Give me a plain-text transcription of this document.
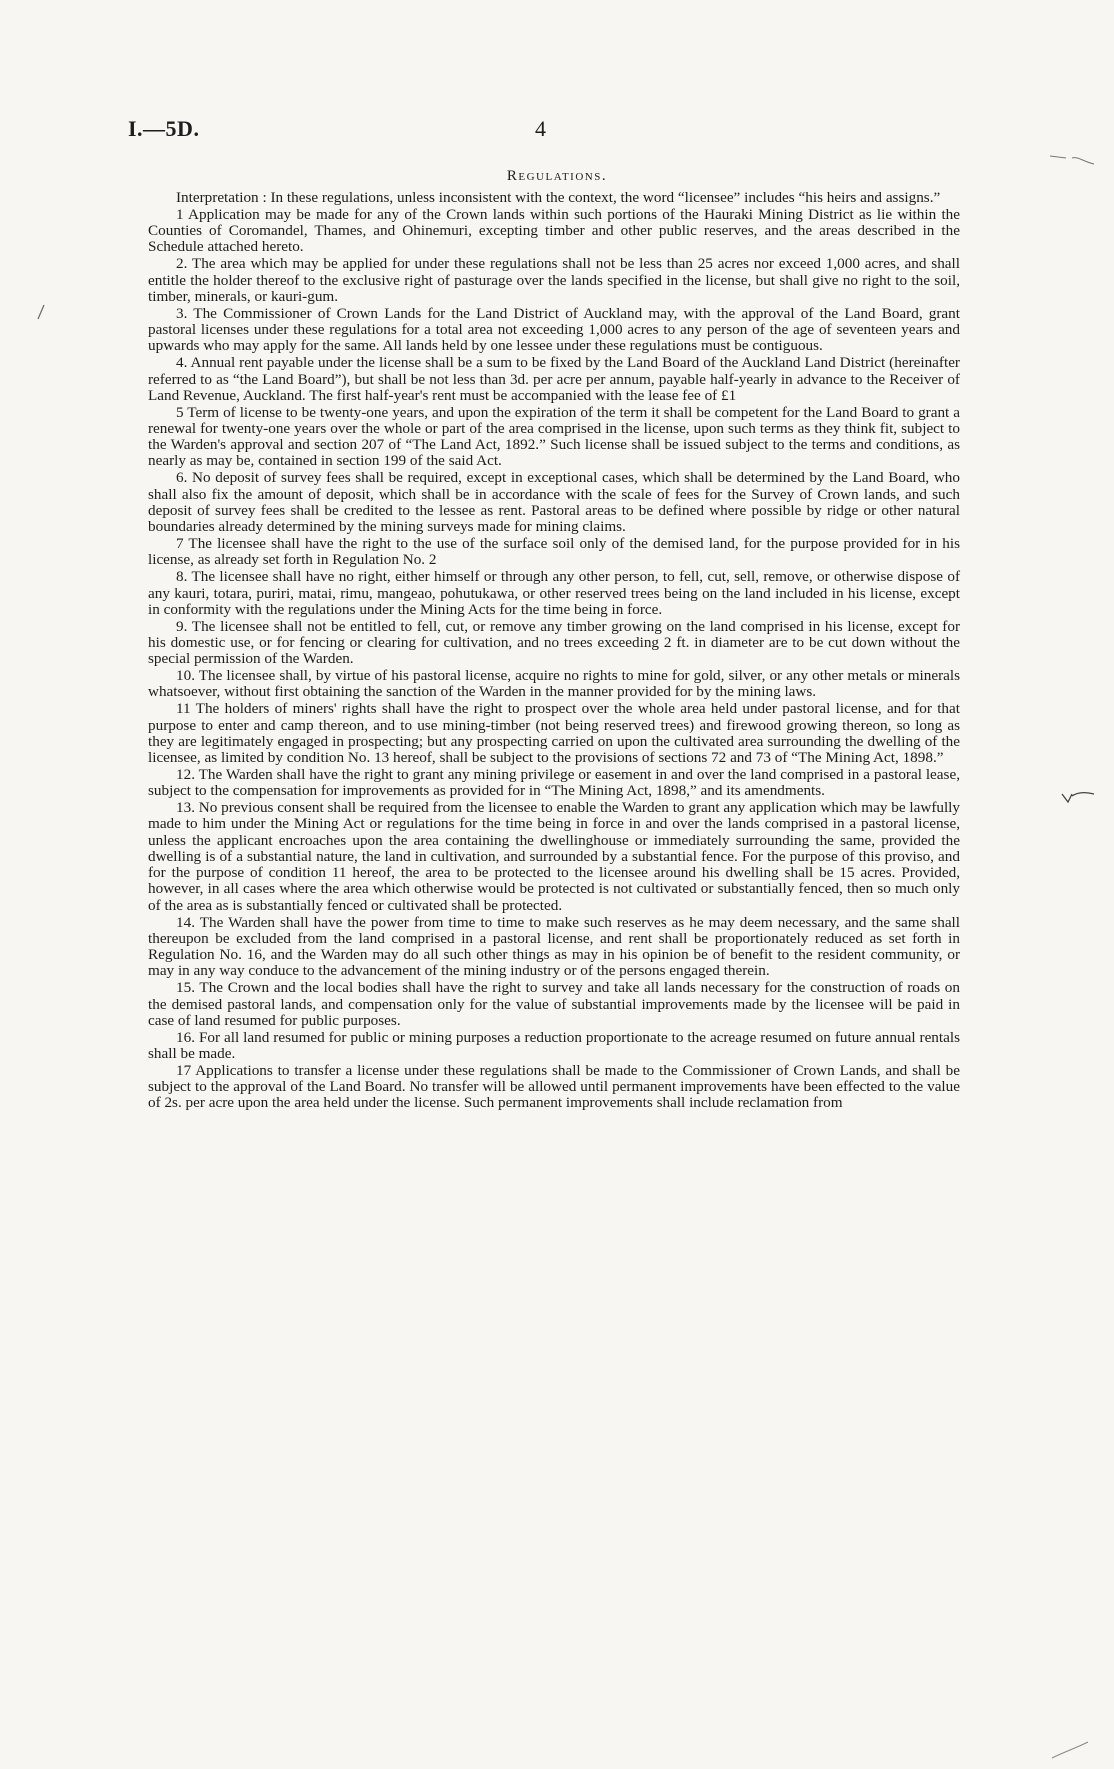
I.—5D.	4
Regulations.

Interpretation : In these regulations, unless inconsistent with the context, the word “licensee” includes “his heirs and assigns.”

1 Application may be made for any of the Crown lands within such portions of the Hauraki Mining District as lie within the Counties of Coromandel, Thames, and Ohinemuri, excepting timber and other public reserves, and the areas described in the Schedule attached hereto.

2. The area which may be applied for under these regulations shall not be less than 25 acres nor exceed 1,000 acres, and shall entitle the holder thereof to the exclusive right of pasturage over the lands specified in the license, but shall give no right to the soil, timber, minerals, or kauri-gum.

3. The Commissioner of Crown Lands for the Land District of Auckland may, with the approval of the Land Board, grant pastoral licenses under these regulations for a total area not exceeding 1,000 acres to any person of the age of seventeen years and upwards who may apply for the same. All lands held by one lessee under these regulations must be contiguous.

4. Annual rent payable under the license shall be a sum to be fixed by the Land Board of the Auckland Land District (hereinafter referred to as “the Land Board”), but shall be not less than 3d. per acre per annum, payable half-yearly in advance to the Receiver of Land Revenue, Auckland. The first half-year's rent must be accompanied with the lease fee of £1

5 Term of license to be twenty-one years, and upon the expiration of the term it shall be competent for the Land Board to grant a renewal for twenty-one years over the whole or part of the area comprised in the license, upon such terms as they think fit, subject to the Warden's approval and section 207 of “The Land Act, 1892.” Such license shall be issued subject to the terms and conditions, as nearly as may be, contained in section 199 of the said Act.

6. No deposit of survey fees shall be required, except in exceptional cases, which shall be determined by the Land Board, who shall also fix the amount of deposit, which shall be in accordance with the scale of fees for the Survey of Crown lands, and such deposit of survey fees shall be credited to the lessee as rent. Pastoral areas to be defined where possible by ridge or other natural boundaries already determined by the mining surveys made for mining claims.

7 The licensee shall have the right to the use of the surface soil only of the demised land, for the purpose provided for in his license, as already set forth in Regulation No. 2

8. The licensee shall have no right, either himself or through any other person, to fell, cut, sell, remove, or otherwise dispose of any kauri, totara, puriri, matai, rimu, mangeao, pohutukawa, or other reserved trees being on the land included in his license, except in conformity with the regulations under the Mining Acts for the time being in force.

9. The licensee shall not be entitled to fell, cut, or remove any timber growing on the land comprised in his license, except for his domestic use, or for fencing or clearing for cultivation, and no trees exceeding 2 ft. in diameter are to be cut down without the special permission of the Warden.

10. The licensee shall, by virtue of his pastoral license, acquire no rights to mine for gold, silver, or any other metals or minerals whatsoever, without first obtaining the sanction of the Warden in the manner provided for by the mining laws.

11 The holders of miners' rights shall have the right to prospect over the whole area held under pastoral license, and for that purpose to enter and camp thereon, and to use mining-timber (not being reserved trees) and firewood growing thereon, so long as they are legitimately engaged in prospecting; but any prospecting carried on upon the cultivated area surrounding the dwelling of the licensee, as limited by condition No. 13 hereof, shall be subject to the provisions of sections 72 and 73 of “The Mining Act, 1898.”

12. The Warden shall have the right to grant any mining privilege or easement in and over the land comprised in a pastoral lease, subject to the compensation for improvements as provided for in “The Mining Act, 1898,” and its amendments.

13. No previous consent shall be required from the licensee to enable the Warden to grant any application which may be lawfully made to him under the Mining Act or regulations for the time being in force in and over the lands comprised in a pastoral license, unless the applicant encroaches upon the area containing the dwellinghouse or immediately surrounding the same, provided the dwelling is of a substantial nature, the land in cultivation, and surrounded by a substantial fence. For the purpose of this proviso, and for the purpose of condition 11 hereof, the area to be protected to the licensee around his dwelling shall be 15 acres. Provided, however, in all cases where the area which otherwise would be protected is not cultivated or substantially fenced, then so much only of the area as is substantially fenced or cultivated shall be protected.

14. The Warden shall have the power from time to time to make such reserves as he may deem necessary, and the same shall thereupon be excluded from the land comprised in a pastoral license, and rent shall be proportionately reduced as set forth in Regulation No. 16, and the Warden may do all such other things as may in his opinion be of benefit to the resident community, or may in any way conduce to the advancement of the mining industry or of the persons engaged therein.

15. The Crown and the local bodies shall have the right to survey and take all lands necessary for the construction of roads on the demised pastoral lands, and compensation only for the value of substantial improvements made by the licensee will be paid in case of land resumed for public purposes.

16. For all land resumed for public or mining purposes a reduction proportionate to the acreage resumed on future annual rentals shall be made.

17 Applications to transfer a license under these regulations shall be made to the Commissioner of Crown Lands, and shall be subject to the approval of the Land Board. No transfer will be allowed until permanent improvements have been effected to the value of 2s. per acre upon the area held under the license. Such permanent improvements shall include reclamation from
